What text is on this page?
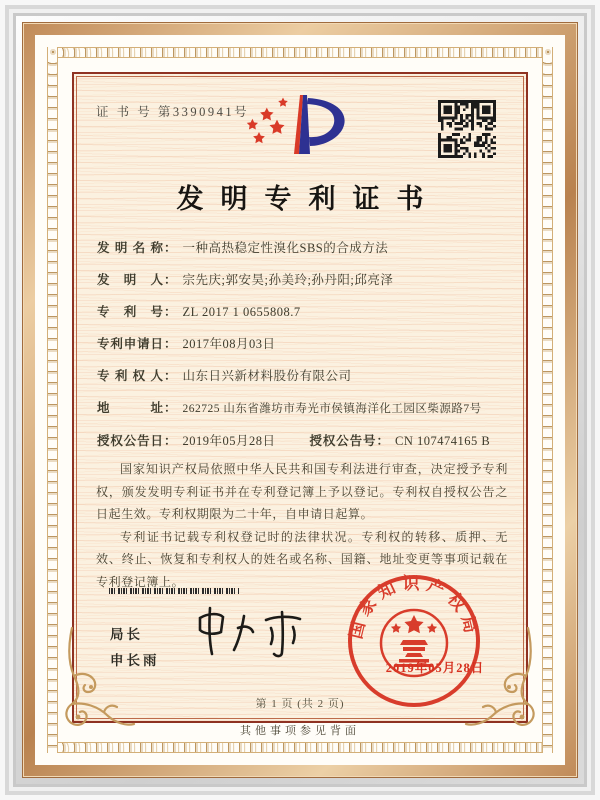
其他事项参见背面
证 书 号 第3390941号
发明专利证书
发明名称 ： 一种高热稳定性溴化SBS的合成方法
发明人 ： 宗先庆;郭安昊;孙美玲;孙丹阳;邱亮泽
专利号 ： ZL 2017 1 0655808.7
专利申请日 ： 2017年08月03日
专利权人 ： 山东日兴新材料股份有限公司
地址 ： 262725 山东省潍坊市寿光市侯镇海洋化工园区柴源路7号
授权公告日 ： 2019年05月28日	授权公告号 ： CN 107474165 B

国家知识产权局依照中华人民共和国专利法进行审查，决定授予专利权，颁发发明专利证书并在专利登记簿上予以登记。专利权自授权公告之日起生效。专利权期限为二十年，自申请日起算。

专利证书记载专利权登记时的法律状况。专利权的转移、质押、无效、终止、恢复和专利权人的姓名或名称、国籍、地址变更等事项记载在专利登记簿上。

局长
申长雨
国家知识产权局
2019年05月28日
第 1 页 (共 2 页)
